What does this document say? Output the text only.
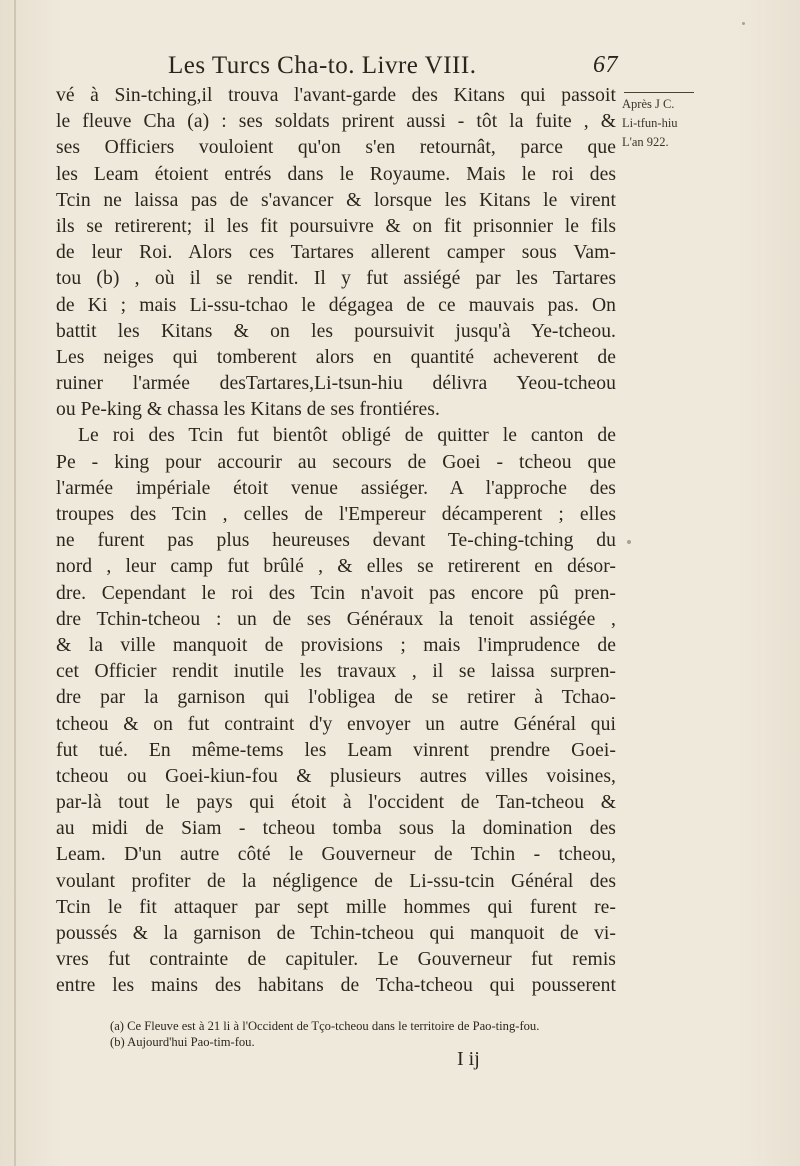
Les Turcs Cha-to. Livre VIII.	67
Après J C.
Li-tfun-hiu
L'an 922.
vé à Sin-tching,il trouva l'avant-garde des Kitans qui passoit
le fleuve Cha (a) : ses soldats prirent aussi - tôt la fuite , &
ses Officiers vouloient qu'on s'en retournât, parce que
les Leam étoient entrés dans le Royaume. Mais le roi des
Tcin ne laissa pas de s'avancer & lorsque les Kitans le virent
ils se retirerent; il les fit poursuivre & on fit prisonnier le fils
de leur Roi. Alors ces Tartares allerent camper sous Vam-
tou (b) , où il se rendit. Il y fut assiégé par les Tartares
de Ki ; mais Li-ssu-tchao le dégagea de ce mauvais pas. On
battit les Kitans & on les poursuivit jusqu'à Ye-tcheou.
Les neiges qui tomberent alors en quantité acheverent de
ruiner l'armée desTartares,Li-tsun-hiu délivra Yeou-tcheou
ou Pe-king & chassa les Kitans de ses frontiéres.
Le roi des Tcin fut bientôt obligé de quitter le canton de
Pe - king pour accourir au secours de Goei - tcheou que
l'armée impériale étoit venue assiéger. A l'approche des
troupes des Tcin , celles de l'Empereur décamperent ; elles
ne furent pas plus heureuses devant Te-ching-tching du
nord , leur camp fut brûlé , & elles se retirerent en désor-
dre. Cependant le roi des Tcin n'avoit pas encore pû pren-
dre Tchin-tcheou : un de ses Généraux la tenoit assiégée ,
& la ville manquoit de provisions ; mais l'imprudence de
cet Officier rendit inutile les travaux , il se laissa surpren-
dre par la garnison qui l'obligea de se retirer à Tchao-
tcheou & on fut contraint d'y envoyer un autre Général qui
fut tué. En même-tems les Leam vinrent prendre Goei-
tcheou ou Goei-kiun-fou & plusieurs autres villes voisines,
par-là tout le pays qui étoit à l'occident de Tan-tcheou &
au midi de Siam - tcheou tomba sous la domination des
Leam. D'un autre côté le Gouverneur de Tchin - tcheou,
voulant profiter de la négligence de Li-ssu-tcin Général des
Tcin le fit attaquer par sept mille hommes qui furent re-
poussés & la garnison de Tchin-tcheou qui manquoit de vi-
vres fut contrainte de capituler. Le Gouverneur fut remis
entre les mains des habitans de Tcha-tcheou qui pousserent
(a) Ce Fleuve est à 21 li à l'Occident de Tço-tcheou dans le territoire de Pao-ting-fou.
(b) Aujourd'hui Pao-tim-fou.
I ij
